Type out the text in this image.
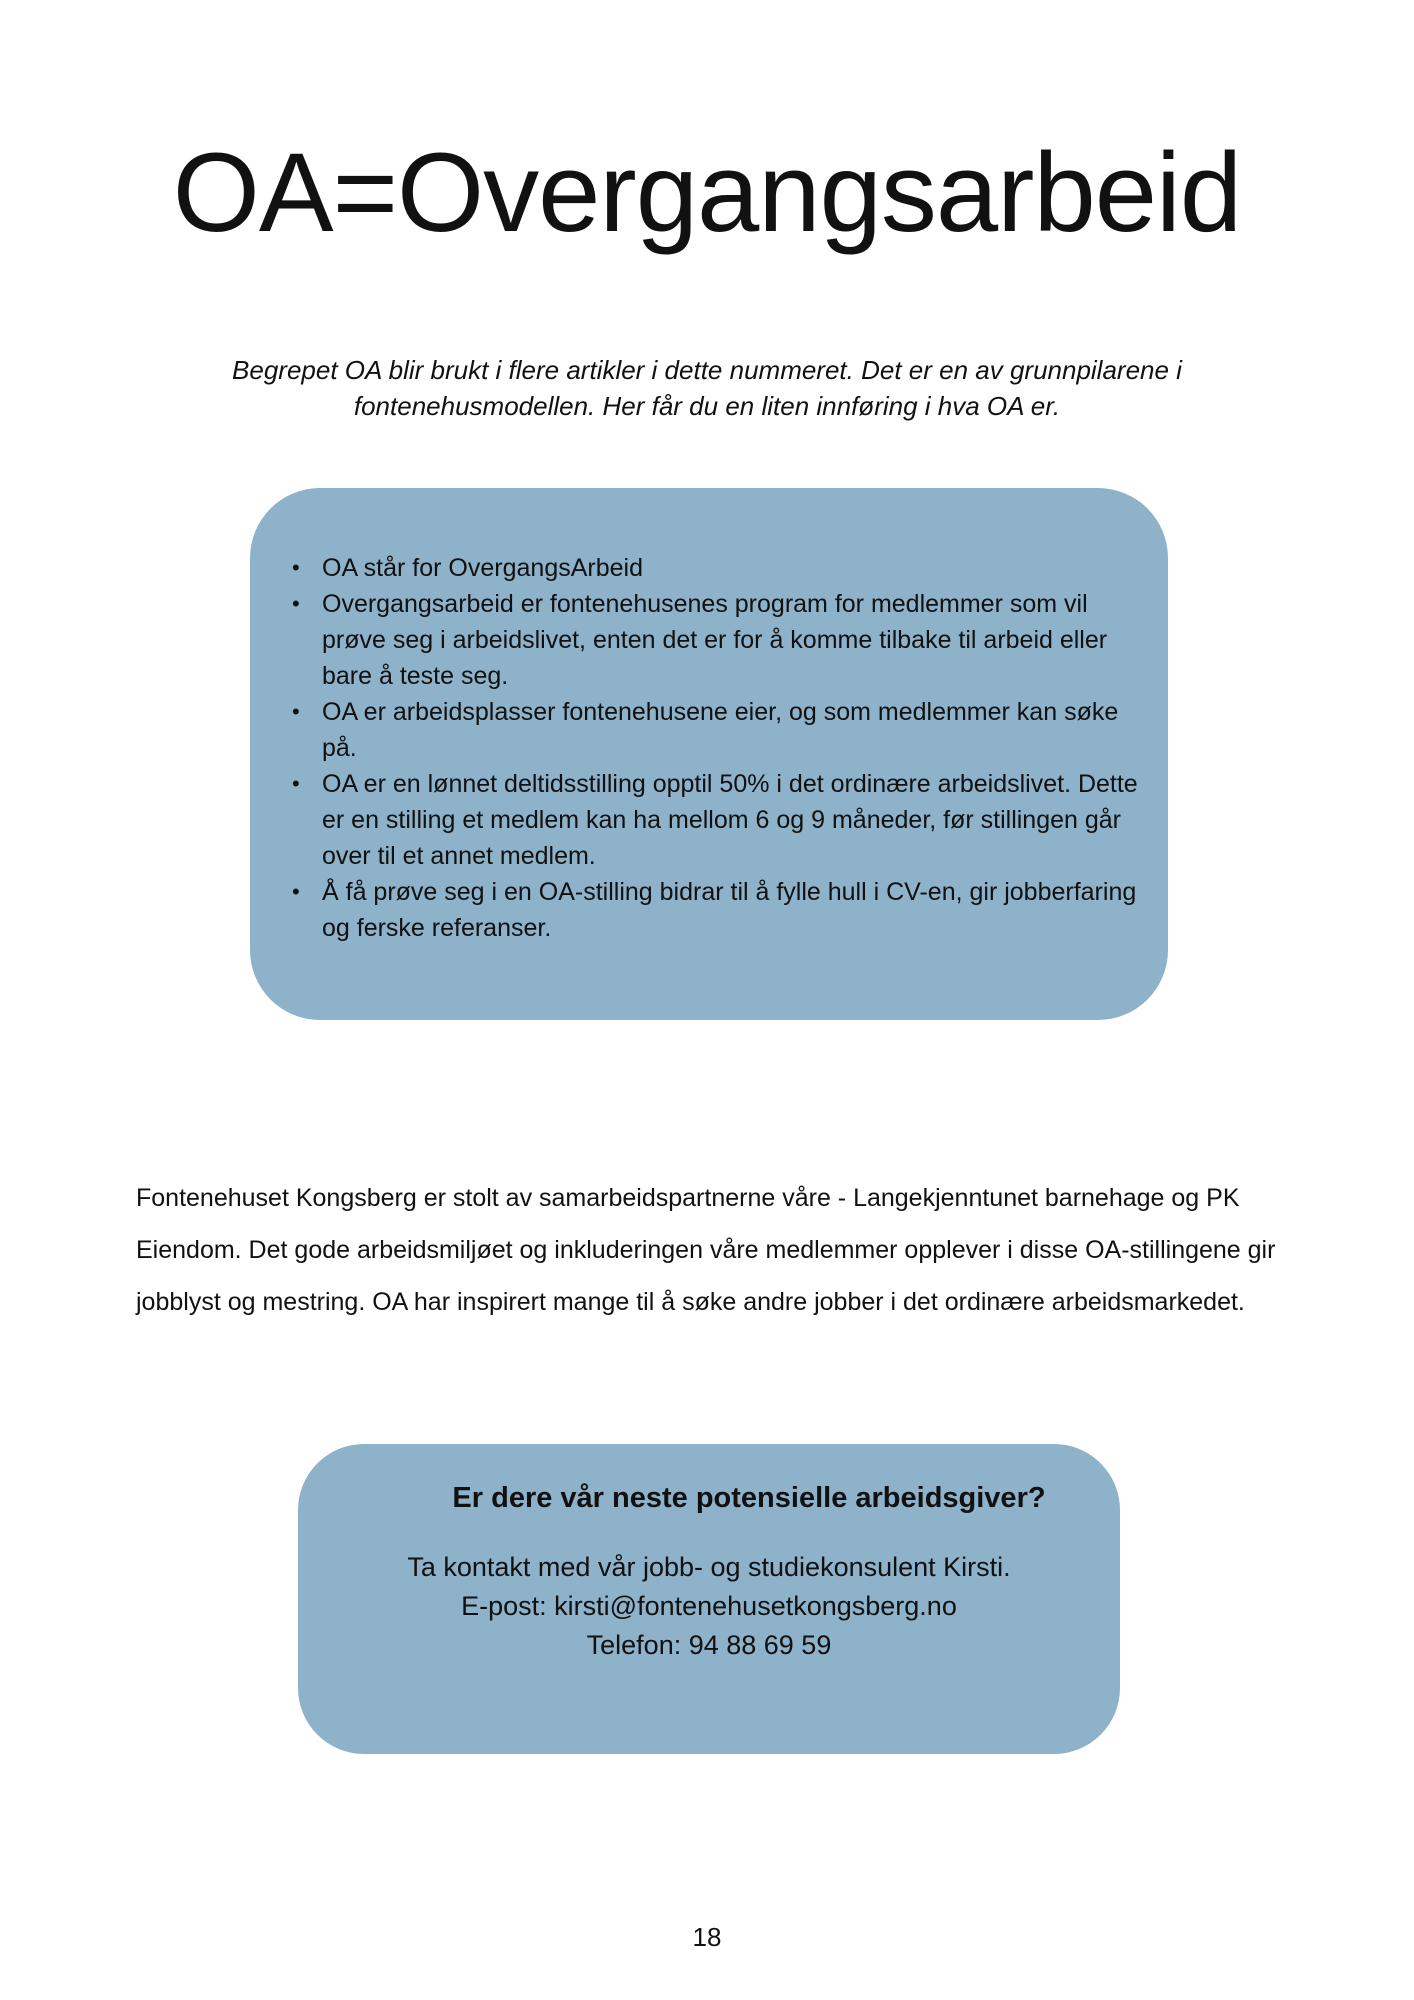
OA=Overgangsarbeid

Begrepet OA blir brukt i flere artikler i dette nummeret. Det er en av grunnpilarene i fontenehusmodellen. Her får du en liten innføring i hva OA er.

• OA står for OvergangsArbeid
• Overgangsarbeid er fontenehusenes program for medlemmer som vil prøve seg i arbeidslivet, enten det er for å komme tilbake til arbeid eller bare å teste seg.
• OA er arbeidsplasser fontenehusene eier, og som medlemmer kan søke på.
• OA er en lønnet deltidsstilling opptil 50% i det ordinære arbeidslivet. Dette er en stilling et medlem kan ha mellom 6 og 9 måneder, før stillingen går over til et annet medlem.
• Å få prøve seg i en OA-stilling bidrar til å fylle hull i CV-en, gir jobberfaring og ferske referanser.

Fontenehuset Kongsberg er stolt av samarbeidspartnerne våre - Langekjenntunet barnehage og PK Eiendom. Det gode arbeidsmiljøet og inkluderingen våre medlemmer opplever i disse OA-stillingene gir jobblyst og mestring. OA har inspirert mange til å søke andre jobber i det ordinære arbeidsmarkedet.

Er dere vår neste potensielle arbeidsgiver?

Ta kontakt med vår jobb- og studiekonsulent Kirsti.
E-post: kirsti@fontenehusetkongsberg.no
Telefon: 94 88 69 59

18
